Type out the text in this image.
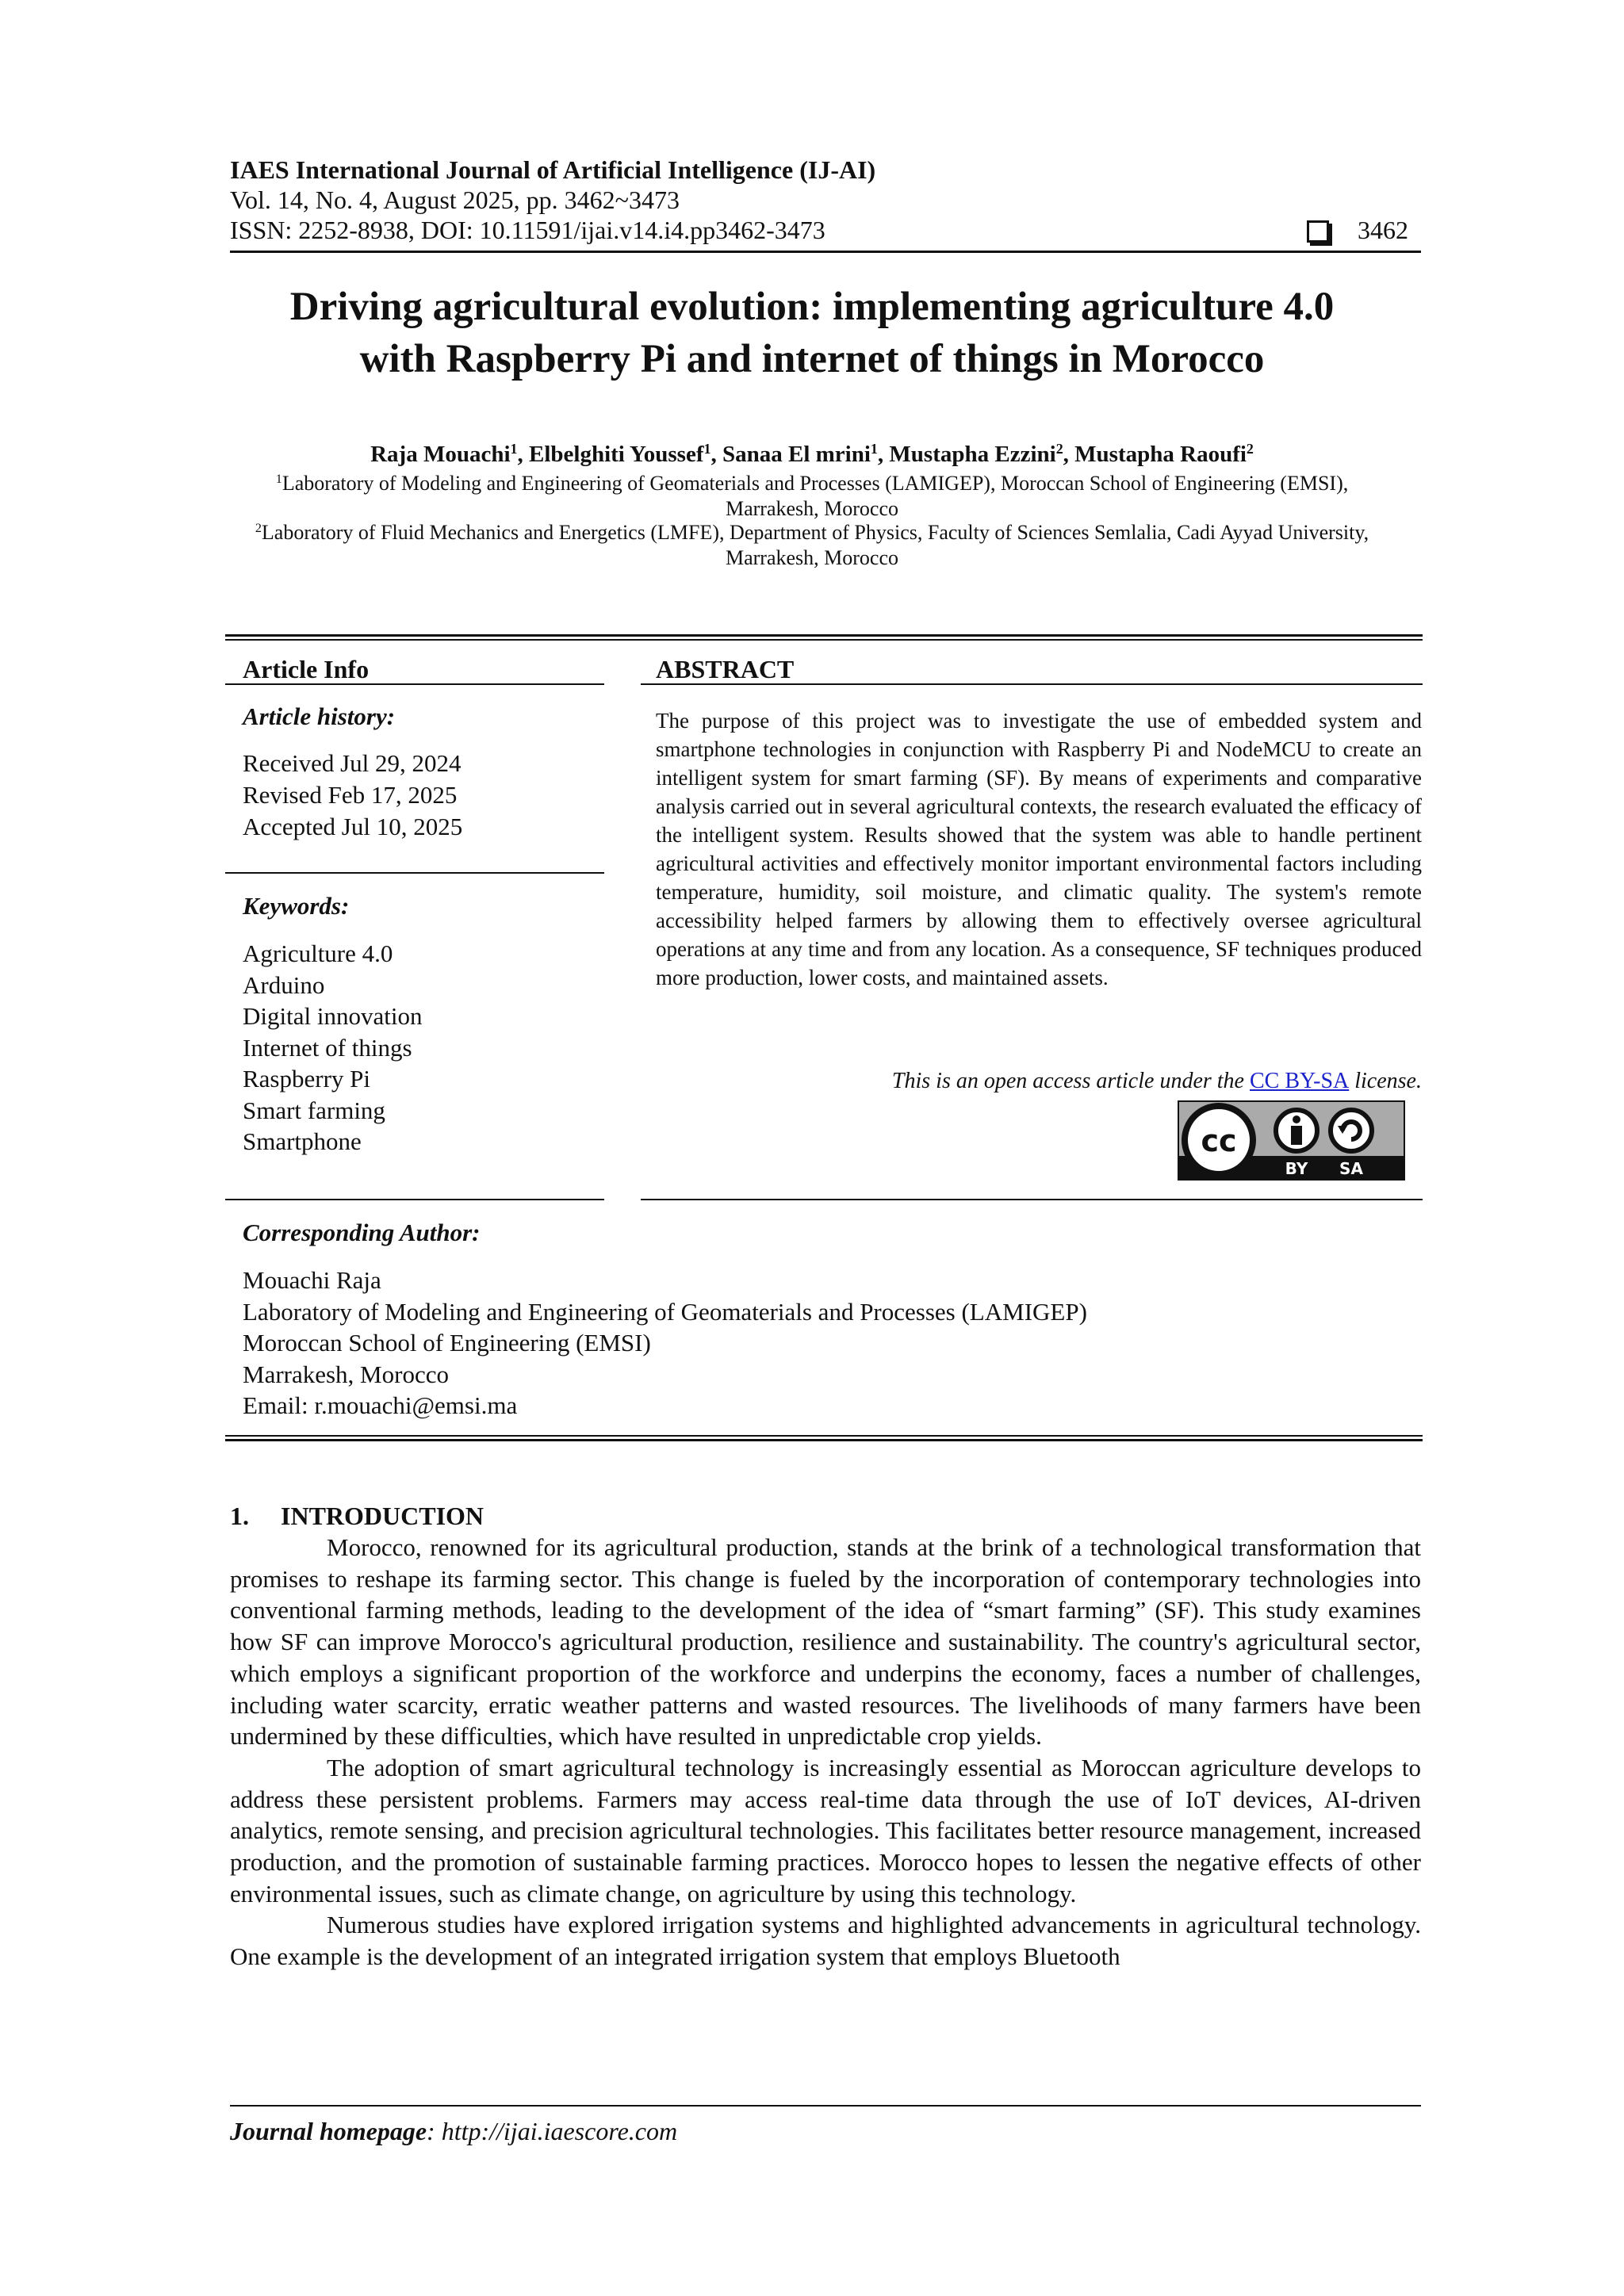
IAES International Journal of Artificial Intelligence (IJ-AI)
Vol. 14, No. 4, August 2025, pp. 3462~3473
ISSN: 2252-8938, DOI: 10.11591/ijai.v14.i4.pp3462-3473	3462
Driving agricultural evolution: implementing agriculture 4.0
with Raspberry Pi and internet of things in Morocco
Raja Mouachi$^1$, Elbelghiti Youssef$^1$, Sanaa El mrini$^1$, Mustapha Ezzini$^2$, Mustapha Raoufi$^2$
$^1$Laboratory of Modeling and Engineering of Geomaterials and Processes (LAMIGEP), Moroccan School of Engineering (EMSI),
Marrakesh, Morocco
$^2$Laboratory of Fluid Mechanics and Energetics (LMFE), Department of Physics, Faculty of Sciences Semlalia, Cadi Ayyad University,
Marrakesh, Morocco
Article Info
Article history:
Received Jul 29, 2024
Revised Feb 17, 2025
Accepted Jul 10, 2025
Keywords:
Agriculture 4.0
Arduino
Digital innovation
Internet of things
Raspberry Pi
Smart farming
Smartphone
ABSTRACT
The purpose of this project was to investigate the use of embedded system and smartphone technologies in conjunction with Raspberry Pi and NodeMCU to create an intelligent system for smart farming (SF). By means of experiments and comparative analysis carried out in several agricultural contexts, the research evaluated the efficacy of the intelligent system. Results showed that the system was able to handle pertinent agricultural activities and effectively monitor important environmental factors including temperature, humidity, soil moisture, and climatic quality. The system's remote accessibility helped farmers by allowing them to effectively oversee agricultural operations at any time and from any location. As a consequence, SF techniques produced more production, lower costs, and maintained assets.
This is an open access article under the CC BY-SA license.
cc
BY SA
Corresponding Author:
Mouachi Raja
Laboratory of Modeling and Engineering of Geomaterials and Processes (LAMIGEP)
Moroccan School of Engineering (EMSI)
Marrakesh, Morocco
Email: r.mouachi@emsi.ma
1.     INTRODUCTION

Morocco, renowned for its agricultural production, stands at the brink of a technological transformation that promises to reshape its farming sector. This change is fueled by the incorporation of contemporary technologies into conventional farming methods, leading to the development of the idea of “smart farming” (SF). This study examines how SF can improve Morocco's agricultural production, resilience and sustainability. The country's agricultural sector, which employs a significant proportion of the workforce and underpins the economy, faces a number of challenges, including water scarcity, erratic weather patterns and wasted resources. The livelihoods of many farmers have been undermined by these difficulties, which have resulted in unpredictable crop yields.

The adoption of smart agricultural technology is increasingly essential as Moroccan agriculture develops to address these persistent problems. Farmers may access real-time data through the use of IoT devices, AI-driven analytics, remote sensing, and precision agricultural technologies. This facilitates better resource management, increased production, and the promotion of sustainable farming practices. Morocco hopes to lessen the negative effects of other environmental issues, such as climate change, on agriculture by using this technology.

Numerous studies have explored irrigation systems and highlighted advancements in agricultural technology. One example is the development of an integrated irrigation system that employs Bluetooth

Journal homepage: http://ijai.iaescore.com
